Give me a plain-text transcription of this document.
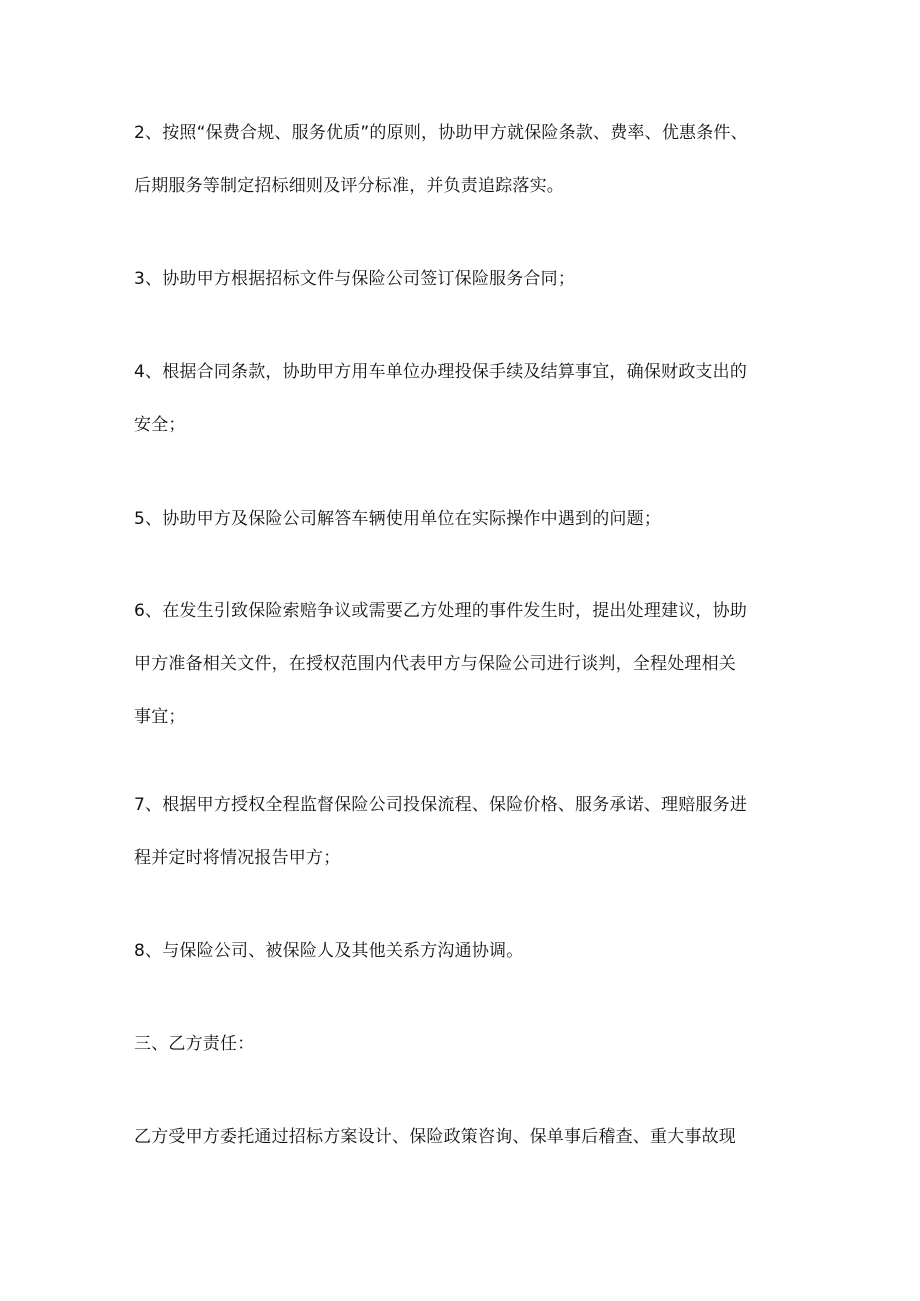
2、按照“保费合规、服务优质”的原则，协助甲方就保险条款、费率、优惠条件、
后期服务等制定招标细则及评分标准，并负责追踪落实。
3、协助甲方根据招标文件与保险公司签订保险服务合同；
4、根据合同条款，协助甲方用车单位办理投保手续及结算事宜，确保财政支出的
安全；
5、协助甲方及保险公司解答车辆使用单位在实际操作中遇到的问题；
6、在发生引致保险索赔争议或需要乙方处理的事件发生时，提出处理建议，协助
甲方准备相关文件，在授权范围内代表甲方与保险公司进行谈判，全程处理相关
事宜；
7、根据甲方授权全程监督保险公司投保流程、保险价格、服务承诺、理赔服务进
程并定时将情况报告甲方；
8、与保险公司、被保险人及其他关系方沟通协调。
三、乙方责任：
乙方受甲方委托通过招标方案设计、保险政策咨询、保单事后稽查、重大事故现
